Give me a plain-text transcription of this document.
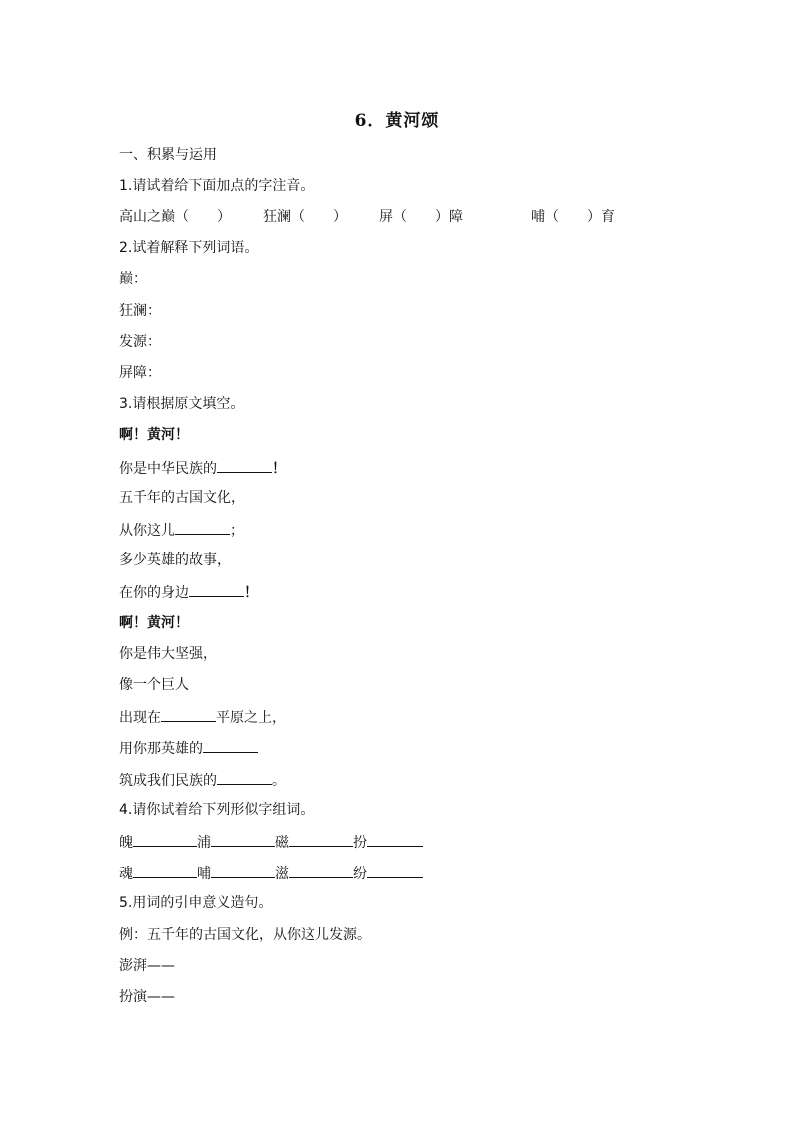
6．黄河颂
一、积累与运用
1.请试着给下面加点的字注音。
高山之巅（　　） 狂澜（　　） 屏（　　）障	哺（　　）育
2.试着解释下列词语。
巅：
狂澜：
发源：
屏障：
3.请根据原文填空。
啊！黄河！
你是中华民族的	！
五千年的古国文化，
从你这儿	；
多少英雄的故事，
在你的身边	！
啊！黄河！
你是伟大坚强，
像一个巨人
出现在	平原之上，
用你那英雄的
筑成我们民族的	。
4.请你试着给下列形似字组词。
魄	浦	磁	扮
魂	哺	滋	纷
5.用词的引申意义造句。
例：五千年的古国文化，从你这儿发源。
澎湃——
扮演——
